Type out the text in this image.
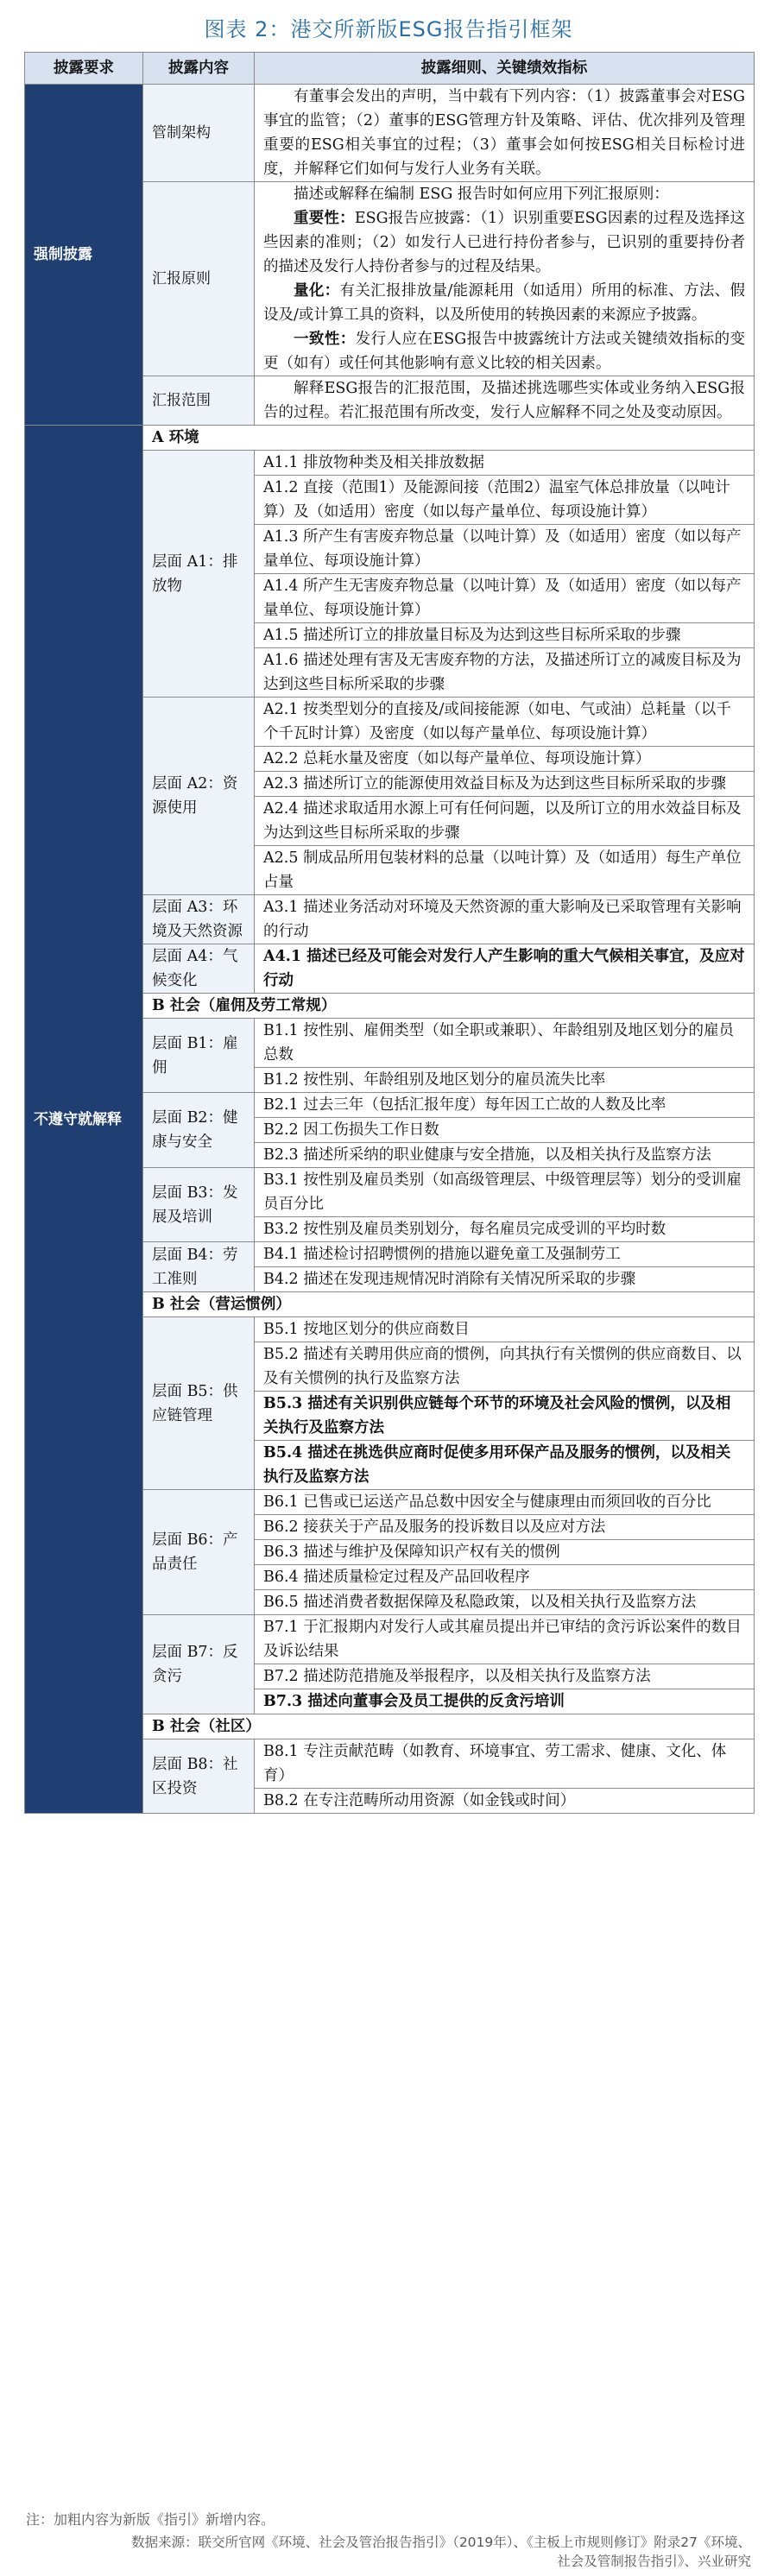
图表 2：港交所新版ESG报告指引框架
披露要求	披露内容	披露细则、关键绩效指标
强制披露	管制架构	有董事会发出的声明，当中载有下列内容：（1）披露董事会对ESG事宜的监管；（2）董事的ESG管理方针及策略、评估、优次排列及管理重要的ESG相关事宜的过程；（3）董事会如何按ESG相关目标检讨进度，并解释它们如何与发行人业务有关联。

	汇报原则	描述或解释在编制 ESG 报告时如何应用下列汇报原则：

重要性：ESG报告应披露：（1）识别重要ESG因素的过程及选择这些因素的准则；（2）如发行人已进行持份者参与，已识别的重要持份者的描述及发行人持份者参与的过程及结果。

量化：有关汇报排放量/能源耗用（如适用）所用的标准、方法、假设及/或计算工具的资料，以及所使用的转换因素的来源应予披露。

一致性：发行人应在ESG报告中披露统计方法或关键绩效指标的变更（如有）或任何其他影响有意义比较的相关因素。

	汇报范围	解释ESG报告的汇报范围，及描述挑选哪些实体或业务纳入ESG报告的过程。若汇报范围有所改变，发行人应解释不同之处及变动原因。

不遵守就解释	A 环境	
	层面 A1：排放物	A1.1 排放物种类及相关排放数据
		A1.2 直接（范围1）及能源间接（范围2）温室气体总排放量（以吨计算）及（如适用）密度（如以每产量单位、每项设施计算）
		A1.3 所产生有害废弃物总量（以吨计算）及（如适用）密度（如以每产量单位、每项设施计算）
		A1.4 所产生无害废弃物总量（以吨计算）及（如适用）密度（如以每产量单位、每项设施计算）
		A1.5 描述所订立的排放量目标及为达到这些目标所采取的步骤
		A1.6 描述处理有害及无害废弃物的方法，及描述所订立的减废目标及为达到这些目标所采取的步骤
	层面 A2：资源使用	A2.1 按类型划分的直接及/或间接能源（如电、气或油）总耗量（以千个千瓦时计算）及密度（如以每产量单位、每项设施计算）
		A2.2 总耗水量及密度（如以每产量单位、每项设施计算）
		A2.3 描述所订立的能源使用效益目标及为达到这些目标所采取的步骤
		A2.4 描述求取适用水源上可有任何问题，以及所订立的用水效益目标及为达到这些目标所采取的步骤
		A2.5 制成品所用包装材料的总量（以吨计算）及（如适用）每生产单位占量
	层面 A3：环境及天然资源	A3.1 描述业务活动对环境及天然资源的重大影响及已采取管理有关影响的行动
	层面 A4：气候变化	A4.1 描述已经及可能会对发行人产生影响的重大气候相关事宜，及应对行动
	B 社会（雇佣及劳工常规）	
	层面 B1：雇佣	B1.1 按性别、雇佣类型（如全职或兼职）、年龄组别及地区划分的雇员总数
		B1.2 按性别、年龄组别及地区划分的雇员流失比率
	层面 B2：健康与安全	B2.1 过去三年（包括汇报年度）每年因工亡故的人数及比率
		B2.2 因工伤损失工作日数
		B2.3 描述所采纳的职业健康与安全措施，以及相关执行及监察方法
	层面 B3：发展及培训	B3.1 按性别及雇员类别（如高级管理层、中级管理层等）划分的受训雇员百分比
		B3.2 按性别及雇员类别划分，每名雇员完成受训的平均时数
	层面 B4：劳工准则	B4.1 描述检讨招聘惯例的措施以避免童工及强制劳工
		B4.2 描述在发现违规情况时消除有关情况所采取的步骤
	B 社会（营运惯例）	
	层面 B5：供应链管理	B5.1 按地区划分的供应商数目
		B5.2 描述有关聘用供应商的惯例，向其执行有关惯例的供应商数目、以及有关惯例的执行及监察方法
		B5.3 描述有关识别供应链每个环节的环境及社会风险的惯例，以及相关执行及监察方法
		B5.4 描述在挑选供应商时促使多用环保产品及服务的惯例，以及相关执行及监察方法
	层面 B6：产品责任	B6.1 已售或已运送产品总数中因安全与健康理由而须回收的百分比
		B6.2 接获关于产品及服务的投诉数目以及应对方法
		B6.3 描述与维护及保障知识产权有关的惯例
		B6.4 描述质量检定过程及产品回收程序
		B6.5 描述消费者数据保障及私隐政策，以及相关执行及监察方法
	层面 B7：反贪污	B7.1 于汇报期内对发行人或其雇员提出并已审结的贪污诉讼案件的数目及诉讼结果
		B7.2 描述防范措施及举报程序，以及相关执行及监察方法
		B7.3 描述向董事会及员工提供的反贪污培训
	B 社会（社区）	
	层面 B8：社区投资	B8.1 专注贡献范畴（如教育、环境事宜、劳工需求、健康、文化、体育）
		B8.2 在专注范畴所动用资源（如金钱或时间）
注：加粗内容为新版《指引》新增内容。
数据来源：联交所官网《环境、社会及管治报告指引》（2019年）、《主板上市规则修订》附录27《环境、社会及管制报告指引》、兴业研究
